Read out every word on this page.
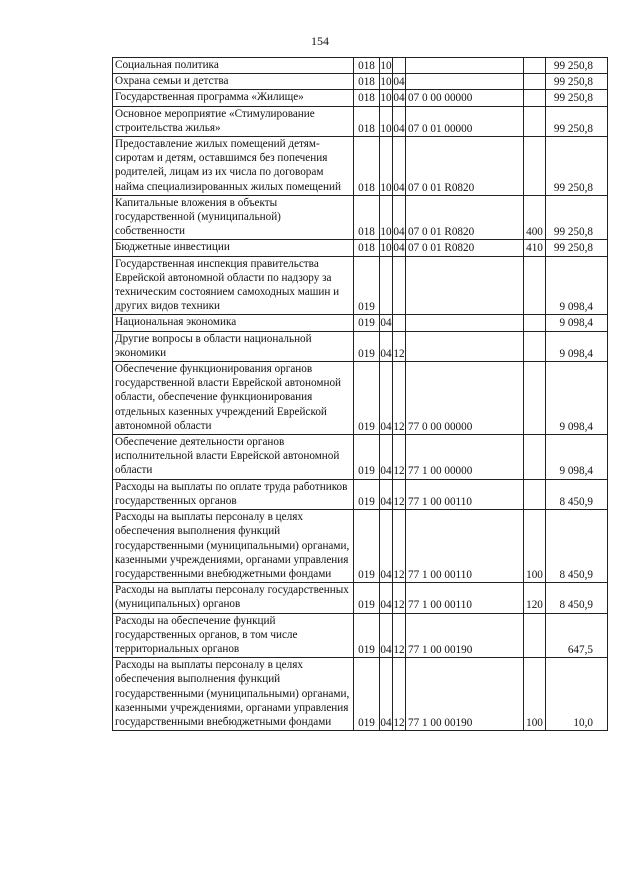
154
Социальная политика	018	10				99 250,8
Охрана семьи и детства	018	10	04			99 250,8
Государственная программа «Жилище»	018	10	04	07 0 00 00000		99 250,8
Основное мероприятие «Стимулирование строительства жилья»	018	10	04	07 0 01 00000		99 250,8
Предоставление жилых помещений детям-сиротам и детям, оставшимся без попечения родителей, лицам из их числа по договорам найма специализированных жилых помещений	018	10	04	07 0 01 R0820		99 250,8
Капитальные вложения в объекты государственной (муниципальной) собственности	018	10	04	07 0 01 R0820	400	99 250,8
Бюджетные инвестиции	018	10	04	07 0 01 R0820	410	99 250,8
Государственная инспекция правительства Еврейской автономной области по надзору за техническим состоянием самоходных машин и других видов техники	019					9 098,4
Национальная экономика	019	04				9 098,4
Другие вопросы в области национальной экономики	019	04	12			9 098,4
Обеспечение функционирования органов государственной власти Еврейской автономной области, обеспечение функционирования отдельных казенных учреждений Еврейской автономной области	019	04	12	77 0 00 00000		9 098,4
Обеспечение деятельности органов исполнительной власти Еврейской автономной области	019	04	12	77 1 00 00000		9 098,4
Расходы на выплаты по оплате труда работников государственных органов	019	04	12	77 1 00 00110		8 450,9
Расходы на выплаты персоналу в целях обеспечения выполнения функций государственными (муниципальными) органами, казенными учреждениями, органами управления государственными внебюджетными фондами	019	04	12	77 1 00 00110	100	8 450,9
Расходы на выплаты персоналу государственных (муниципальных) органов	019	04	12	77 1 00 00110	120	8 450,9
Расходы на обеспечение функций государственных органов, в том числе территориальных органов	019	04	12	77 1 00 00190		647,5
Расходы на выплаты персоналу в целях обеспечения выполнения функций государственными (муниципальными) органами, казенными учреждениями, органами управления государственными внебюджетными фондами	019	04	12	77 1 00 00190	100	10,0
